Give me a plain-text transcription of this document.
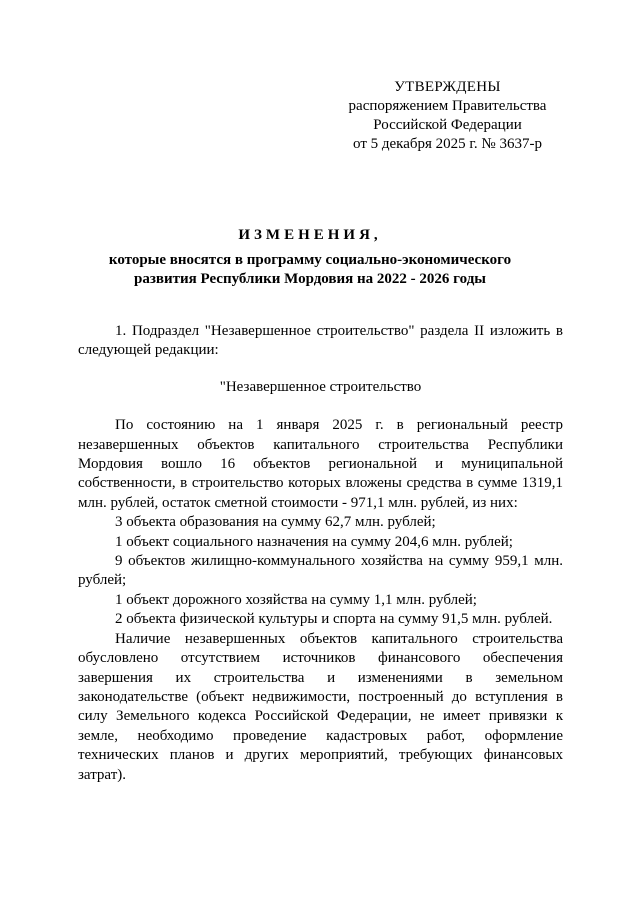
УТВЕРЖДЕНЫ
распоряжением Правительства
Российской Федерации
от 5 декабря 2025 г. № 3637-р
ИЗМЕНЕНИЯ,
которые вносятся в программу социально-экономического
развития Республики Мордовия на 2022 - 2026 годы

1. Подраздел "Незавершенное строительство" раздела II изложить в следующей редакции:

"Незавершенное строительство

По состоянию на 1 января 2025 г. в региональный реестр незавершенных объектов капитального строительства Республики Мордовия вошло 16 объектов региональной и муниципальной собственности, в строительство которых вложены средства в сумме 1319,1 млн. рублей, остаток сметной стоимости - 971,1 млн. рублей, из них:

3 объекта образования на сумму 62,7 млн. рублей;

1 объект социального назначения на сумму 204,6 млн. рублей;

9 объектов жилищно-коммунального хозяйства на сумму 959,1 млн. рублей;

1 объект дорожного хозяйства на сумму 1,1 млн. рублей;

2 объекта физической культуры и спорта на сумму 91,5 млн. рублей.

Наличие незавершенных объектов капитального строительства обусловлено отсутствием источников финансового обеспечения завершения их строительства и изменениями в земельном законодательстве (объект недвижимости, построенный до вступления в силу Земельного кодекса Российской Федерации, не имеет привязки к земле, необходимо проведение кадастровых работ, оформление технических планов и других мероприятий, требующих финансовых затрат).
